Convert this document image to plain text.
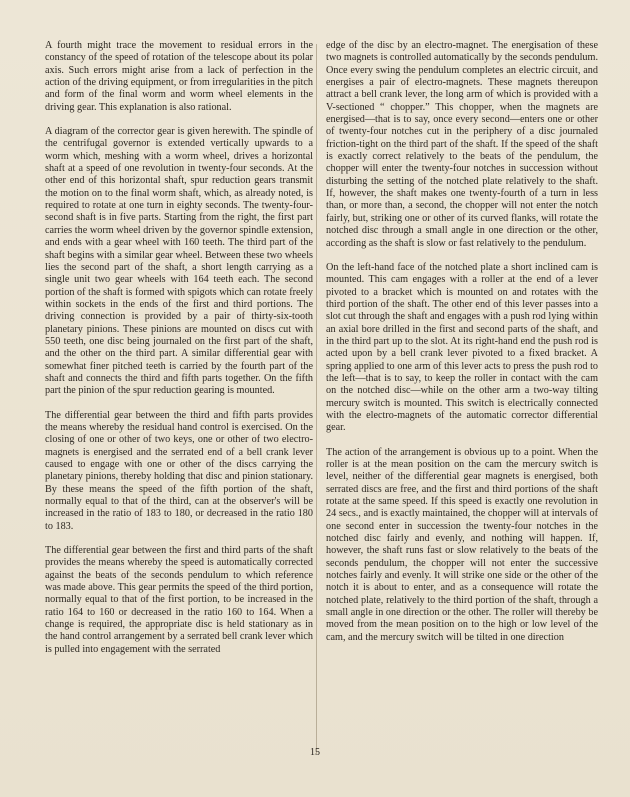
A fourth might trace the movement to residual errors in the constancy of the speed of rotation of the telescope about its polar axis. Such errors might arise from a lack of perfection in the action of the driving equipment, or from irregularities in the pitch and form of the final worm and worm wheel elements in the driving gear. This explanation is also rational.

A diagram of the corrector gear is given herewith. The spindle of the centrifugal governor is extended vertically upwards to a worm which, meshing with a worm wheel, drives a horizontal shaft at a speed of one revolution in twenty-four seconds. At the other end of this horizontal shaft, spur reduction gears transmit the motion on to the final worm shaft, which, as already noted, is required to rotate at one turn in eighty seconds. The twenty-four-second shaft is in five parts. Starting from the right, the first part carries the worm wheel driven by the governor spindle extension, and ends with a gear wheel with 160 teeth. The third part of the shaft begins with a similar gear wheel. Between these two wheels lies the second part of the shaft, a short length carrying as a single unit two gear wheels with 164 teeth each. The second portion of the shaft is formed with spigots which can rotate freely within sockets in the ends of the first and third portions. The driving connection is provided by a pair of thirty-six-tooth planetary pinions. These pinions are mounted on discs cut with 550 teeth, one disc being journaled on the first part of the shaft, and the other on the third part. A similar differential gear with somewhat finer pitched teeth is carried by the fourth part of the shaft and connects the third and fifth parts together. On the fifth part the pinion of the spur reduction gearing is mounted.

The differential gear between the third and fifth parts provides the means whereby the residual hand control is exercised. On the closing of one or other of two keys, one or other of two electro-magnets is energised and the serrated end of a bell crank lever caused to engage with one or other of the discs carrying the planetary pinions, thereby holding that disc and pinion stationary. By these means the speed of the fifth portion of the shaft, normally equal to that of the third, can at the observer's will be increased in the ratio of 183 to 180, or decreased in the ratio 180 to 183.

The differential gear between the first and third parts of the shaft provides the means whereby the speed is automatically corrected against the beats of the seconds pendulum to which reference was made above. This gear permits the speed of the third portion, normally equal to that of the first portion, to be increased in the ratio 164 to 160 or decreased in the ratio 160 to 164. When a change is required, the appropriate disc is held stationary as in the hand control arrangement by a serrated bell crank lever which is pulled into engagement with the serrated

edge of the disc by an electro-magnet. The energisation of these two magnets is controlled automatically by the seconds pendulum. Once every swing the pendulum completes an electric circuit, and energises a pair of electro-magnets. These magnets thereupon attract a bell crank lever, the long arm of which is provided with a V-sectioned “ chopper.” This chopper, when the magnets are energised—that is to say, once every second—enters one or other of twenty-four notches cut in the periphery of a disc journaled friction-tight on the third part of the shaft. If the speed of the shaft is exactly correct relatively to the beats of the pendulum, the chopper will enter the twenty-four notches in succession without disturbing the setting of the notched plate relatively to the shaft. If, however, the shaft makes one twenty-fourth of a turn in less than, or more than, a second, the chopper will not enter the notch fairly, but, striking one or other of its curved flanks, will rotate the notched disc through a small angle in one direction or the other, according as the shaft is slow or fast relatively to the pendulum.

On the left-hand face of the notched plate a short inclined cam is mounted. This cam engages with a roller at the end of a lever pivoted to a bracket which is mounted on and rotates with the third portion of the shaft. The other end of this lever passes into a slot cut through the shaft and engages with a push rod lying within an axial bore drilled in the first and second parts of the shaft, and in the third part up to the slot. At its right-hand end the push rod is acted upon by a bell crank lever pivoted to a fixed bracket. A spring applied to one arm of this lever acts to press the push rod to the left—that is to say, to keep the roller in contact with the cam on the notched disc—while on the other arm a two-way tilting mercury switch is mounted. This switch is electrically connected with the electro-magnets of the automatic corrector differential gear.

The action of the arrangement is obvious up to a point. When the roller is at the mean position on the cam the mercury switch is level, neither of the differential gear magnets is energised, both serrated discs are free, and the first and third portions of the shaft rotate at the same speed. If this speed is exactly one revolution in 24 secs., and is exactly maintained, the chopper will at intervals of one second enter in succession the twenty-four notches in the notched disc fairly and evenly, and nothing will happen. If, however, the shaft runs fast or slow relatively to the beats of the seconds pendulum, the chopper will not enter the successive notches fairly and evenly. It will strike one side or the other of the notch it is about to enter, and as a consequence will rotate the notched plate, relatively to the third portion of the shaft, through a small angle in one direction or the other. The roller will thereby be moved from the mean position on to the high or low level of the cam, and the mercury switch will be tilted in one direction

15
